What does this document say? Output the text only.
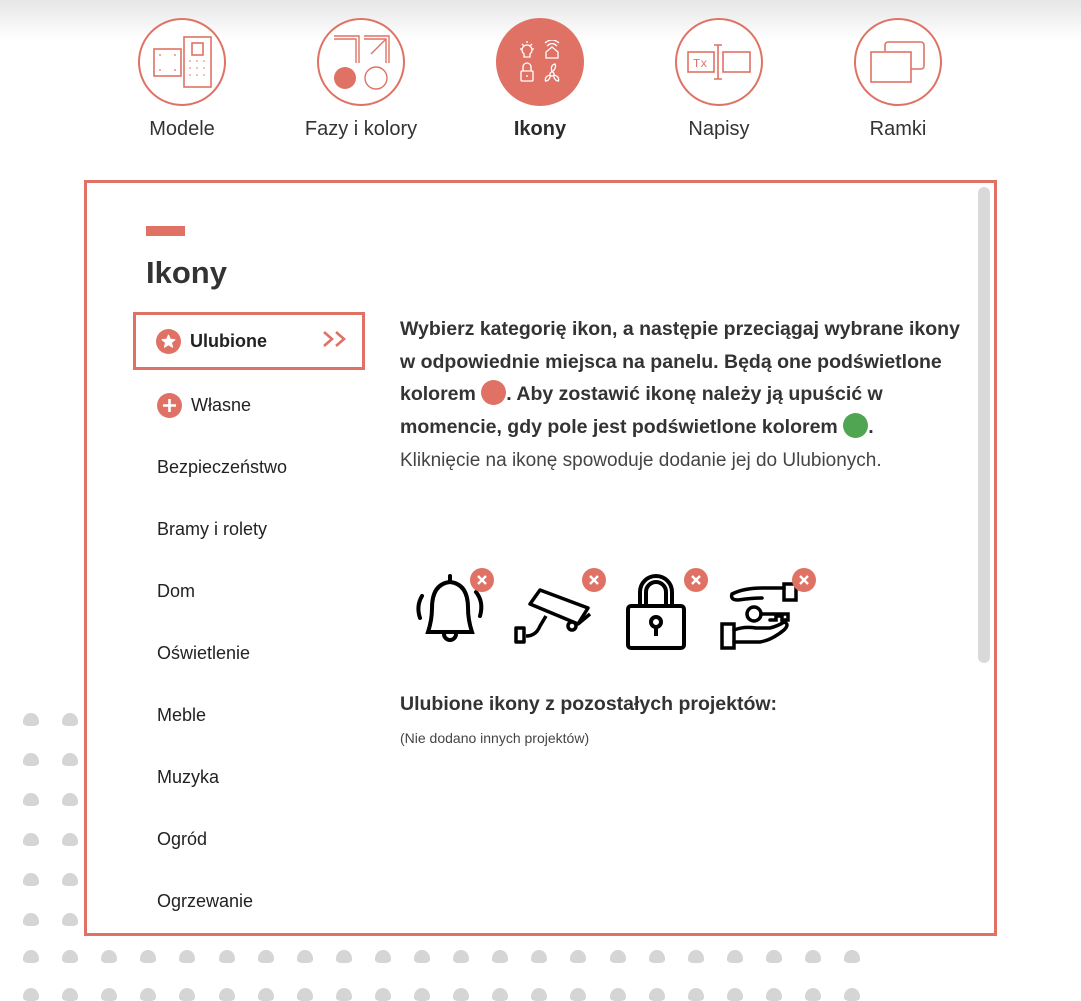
Modele	Fazy i kolory	Ikony
Tx
Napisy	Ramki
Ikony
Ulubione
Własne
Bezpieczeństwo
Bramy i rolety
Dom
Oświetlenie
Meble
Muzyka
Ogród
Ogrzewanie

Wybierz kategorię ikon, a następie przeciągaj wybrane ikony w odpowiednie miejsca na panelu. Będą one podświetlone kolorem . Aby zostawić ikonę należy ją upuścić w momencie, gdy pole jest podświetlone kolorem .

Kliknięcie na ikonę spowoduje dodanie jej do Ulubionych.

Ulubione ikony z pozostałych projektów:

(Nie dodano innych projektów)
